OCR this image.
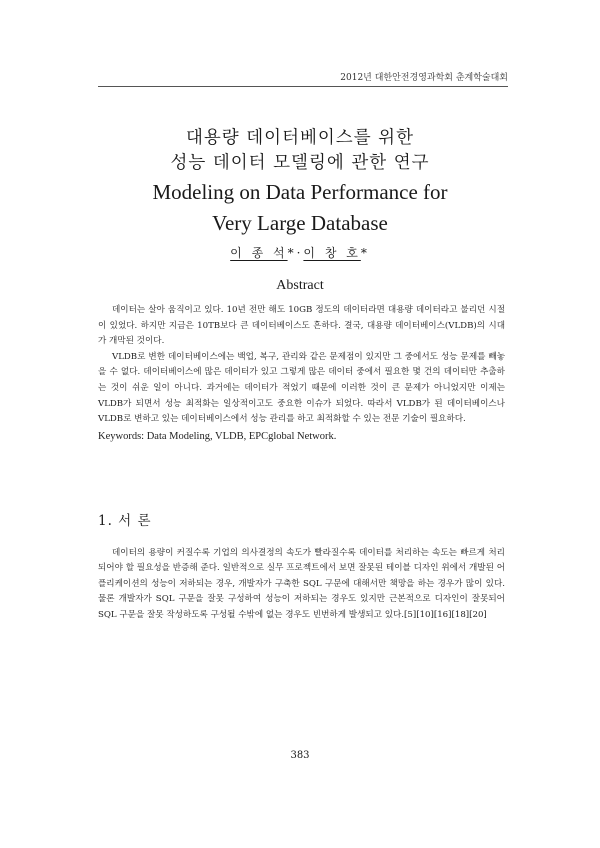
2012년 대한안전경영과학회 춘계학술대회
대용량 데이터베이스를 위한
성능 데이터 모델링에 관한 연구
Modeling on Data Performance for
Very Large Database
이 종 석*·이 창 호*
Abstract

데이터는 살아 움직이고 있다. 10년 전만 해도 10GB 정도의 데이터라면 대용량 데이터라고 불리던 시절이 있었다. 하지만 지금은 10TB보다 큰 데이터베이스도 흔하다. 결국, 대용량 데이터베이스(VLDB)의 시대가 개막된 것이다.

VLDB로 변한 데이터베이스에는 백업, 복구, 관리와 같은 문제점이 있지만 그 중에서도 성능 문제를 빼놓을 수 없다. 데이터베이스에 많은 데이터가 있고 그렇게 많은 데이터 중에서 필요한 몇 건의 데이터만 추출하는 것이 쉬운 일이 아니다. 과거에는 데이터가 적었기 때문에 이러한 것이 큰 문제가 아니었지만 이제는 VLDB가 되면서 성능 최적화는 일상적이고도 중요한 이슈가 되었다. 따라서 VLDB가 된 데이터베이스나 VLDB로 변하고 있는 데이터베이스에서 성능 관리를 하고 최적화할 수 있는 전문 기술이 필요하다.

Keywords: Data Modeling, VLDB, EPCglobal Network.
1. 서 론

데이터의 용량이 커질수록 기업의 의사결정의 속도가 빨라질수록 데이터를 처리하는 속도는 빠르게 처리되어야 할 필요성을 반증해 준다. 일반적으로 실무 프로젝트에서 보면 잘못된 테이블 디자인 위에서 개발된 어플리케이션의 성능이 저하되는 경우, 개발자가 구축한 SQL 구문에 대해서만 책망을 하는 경우가 많이 있다. 물론 개발자가 SQL 구문을 잘못 구성하여 성능이 저하되는 경우도 있지만 근본적으로 디자인이 잘못되어 SQL 구문을 잘못 작성하도록 구성될 수밖에 없는 경우도 빈번하게 발생되고 있다.[5][10][16][18][20]

383
